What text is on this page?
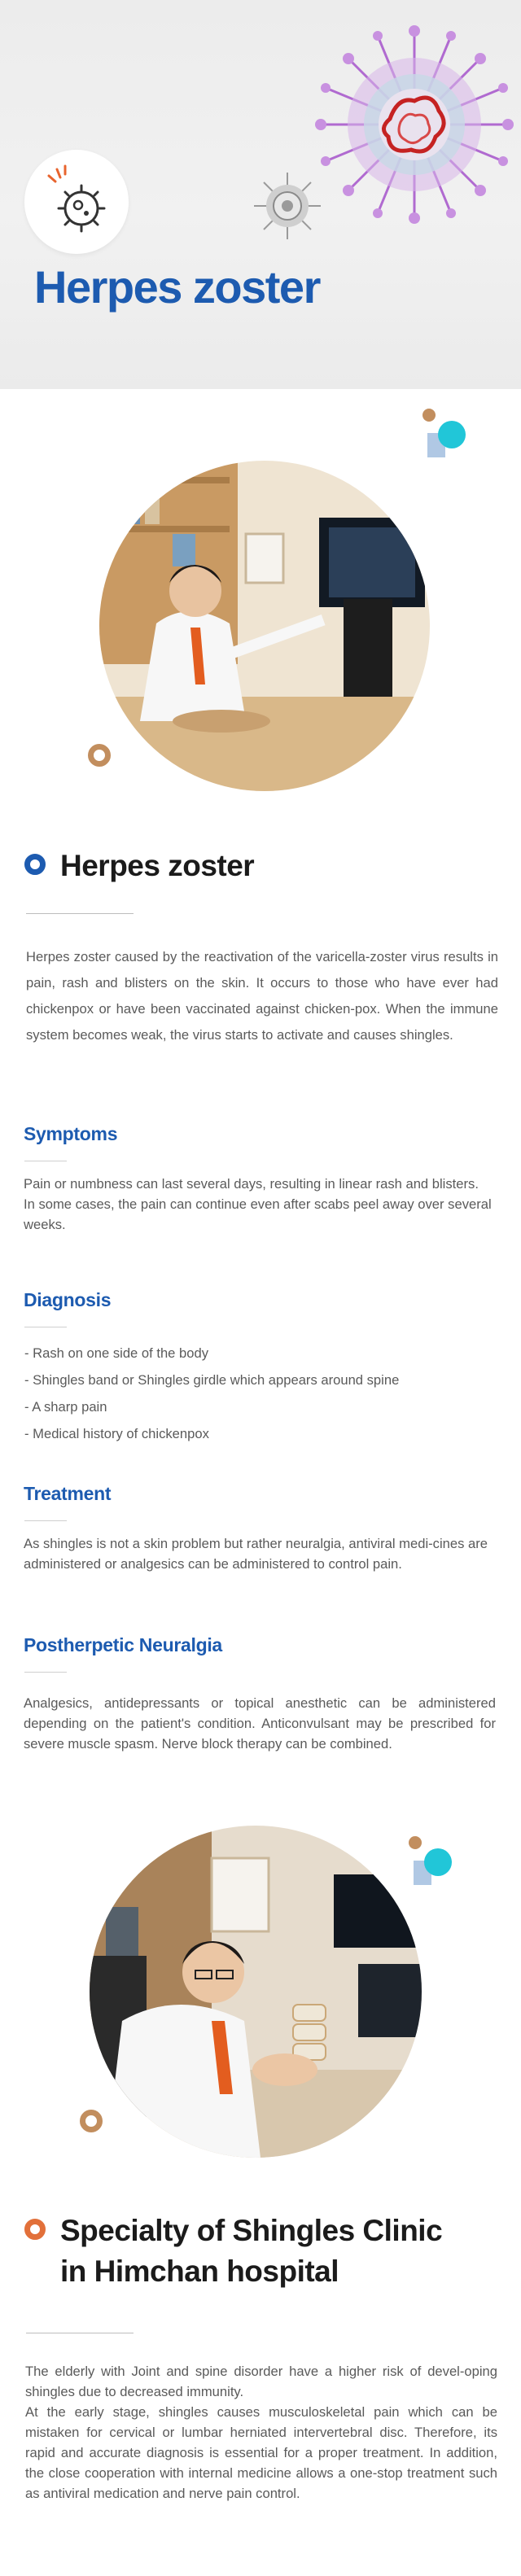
Herpes zoster
Herpes zoster

Herpes zoster caused by the reactivation of the varicella-zoster virus results in pain, rash and blisters on the skin. It occurs to those who have ever had chickenpox or have been vaccinated against chicken-pox. When the immune system becomes weak, the virus starts to activate and causes shingles.

Symptoms

Pain or numbness can last several days, resulting in linear rash and blisters.

In some cases, the pain can continue even after scabs peel away over several weeks.

Diagnosis
- Rash on one side of the body
- Shingles band or Shingles girdle which appears around spine
- A sharp pain
- Medical history of chickenpox
Treatment

As shingles is not a skin problem but rather neuralgia, antiviral medi-cines are administered or analgesics can be administered to control pain.

Postherpetic Neuralgia

Analgesics, antidepressants or topical anesthetic can be administered depending on the patient's condition. Anticonvulsant may be prescribed for severe muscle spasm. Nerve block therapy can be combined.

Specialty of Shingles Clinic
in Himchan hospital

The elderly with Joint and spine disorder have a higher risk of devel-oping shingles due to decreased immunity.

At the early stage, shingles causes musculoskeletal pain which can be mistaken for cervical or lumbar herniated intervertebral disc. Therefore, its rapid and accurate diagnosis is essential for a proper treatment. In addition, the close cooperation with internal medicine allows a one-stop treatment such as antiviral medication and nerve pain control.
